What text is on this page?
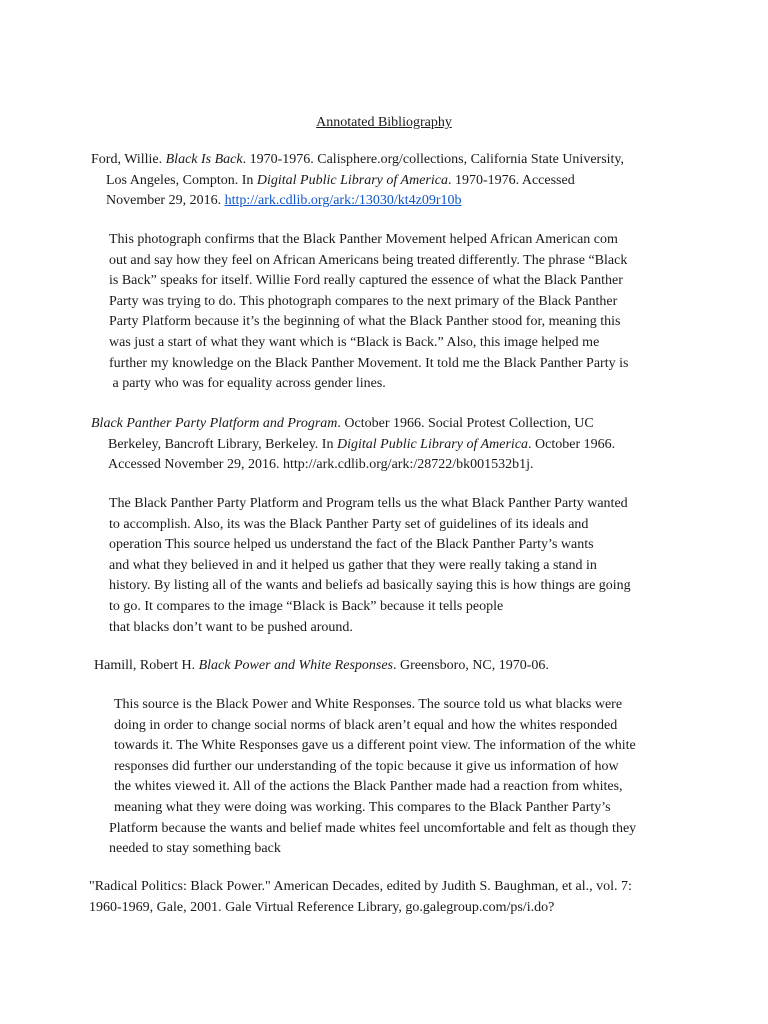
Annotated Bibliography
Ford, Willie. Black Is Back. 1970-1976. Calisphere.org/collections, California State University,
Los Angeles, Compton. In Digital Public Library of America. 1970-1976. Accessed
November 29, 2016. http://ark.cdlib.org/ark:/13030/kt4z09r10b
This photograph confirms that the Black Panther Movement helped African American com
out and say how they feel on African Americans being treated differently. The phrase “Black
is Back” speaks for itself. Willie Ford really captured the essence of what the Black Panther
Party was trying to do. This photograph compares to the next primary of the Black Panther
Party Platform because it’s the beginning of what the Black Panther stood for, meaning this
was just a start of what they want which is “Black is Back.” Also, this image helped me
further my knowledge on the Black Panther Movement. It told me the Black Panther Party is
a party who was for equality across gender lines.
Black Panther Party Platform and Program. October 1966. Social Protest Collection, UC
Berkeley, Bancroft Library, Berkeley. In Digital Public Library of America. October 1966.
Accessed November 29, 2016. http://ark.cdlib.org/ark:/28722/bk001532b1j.
The Black Panther Party Platform and Program tells us the what Black Panther Party wanted
to accomplish. Also, its was the Black Panther Party set of guidelines of its ideals and
operation This source helped us understand the fact of the Black Panther Party’s wants
and what they believed in and it helped us gather that they were really taking a stand in
history. By listing all of the wants and beliefs ad basically saying this is how things are going
to go. It compares to the image “Black is Back” because it tells people
that blacks don’t want to be pushed around.
Hamill, Robert H. Black Power and White Responses. Greensboro, NC, 1970-06.
This source is the Black Power and White Responses. The source told us what blacks were
doing in order to change social norms of black aren’t equal and how the whites responded
towards it. The White Responses gave us a different point view. The information of the white
responses did further our understanding of the topic because it give us information of how
the whites viewed it. All of the actions the Black Panther made had a reaction from whites,
meaning what they were doing was working. This compares to the Black Panther Party’s
Platform because the wants and belief made whites feel uncomfortable and felt as though they
needed to stay something back
"Radical Politics: Black Power." American Decades, edited by Judith S. Baughman, et al., vol. 7:
1960-1969, Gale, 2001. Gale Virtual Reference Library, go.galegroup.com/ps/i.do?
